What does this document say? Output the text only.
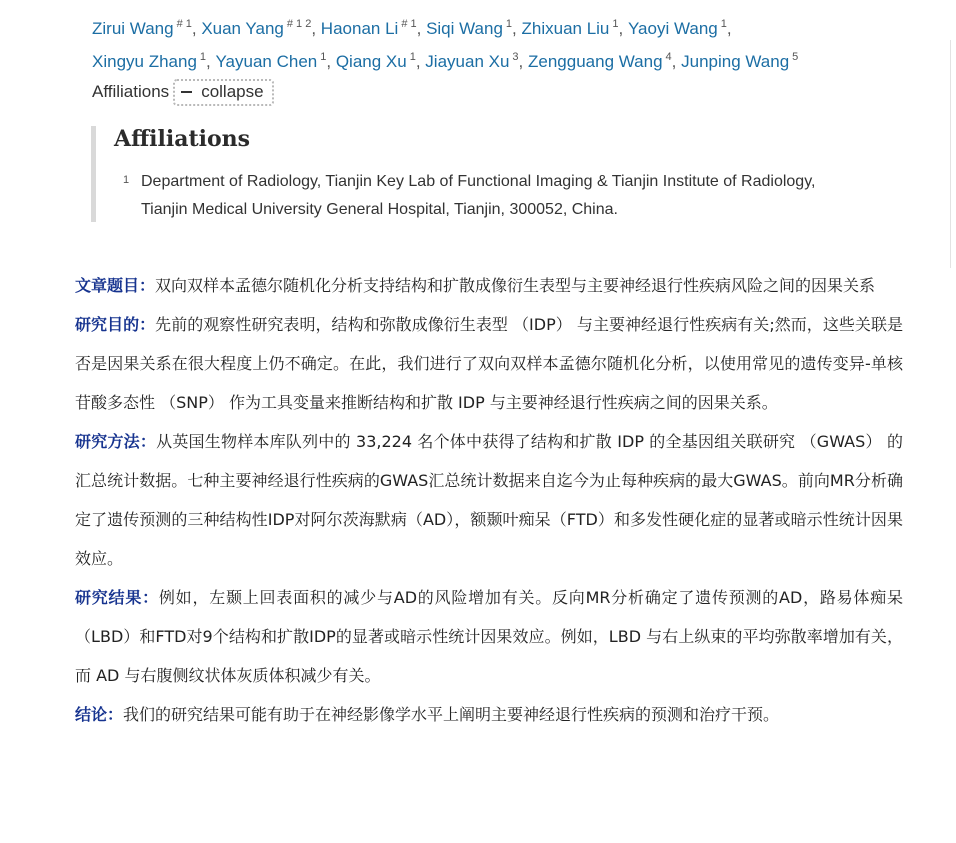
Zirui Wang $^{\# 1}$, Xuan Yang $^{\# 1 2}$, Haonan Li $^{\# 1}$, Siqi Wang $^1$, Zhixuan Liu $^1$, Yaoyi Wang $^1$,
Xingyu Zhang $^1$, Yayuan Chen $^1$, Qiang Xu $^1$, Jiayuan Xu $^3$, Zengguang Wang $^4$, Junping Wang $^5$
Affiliations collapse
Affiliations
1 Department of Radiology, Tianjin Key Lab of Functional Imaging & Tianjin Institute of Radiology, Tianjin Medical University General Hospital, Tianjin, 300052, China.

文章题目：双向双样本孟德尔随机化分析支持结构和扩散成像衍生表型与主要神经退行性疾病风险之间的因果关系

研究目的：先前的观察性研究表明，结构和弥散成像衍生表型 （IDP） 与主要神经退行性疾病有关;然而，这些关联是否是因果关系在很大程度上仍不确定。在此，我们进行了双向双样本孟德尔随机化分析，以使用常见的遗传变异-单核苷酸多态性 （SNP） 作为工具变量来推断结构和扩散 IDP 与主要神经退行性疾病之间的因果关系。

研究方法：从英国生物样本库队列中的 33,224 名个体中获得了结构和扩散 IDP 的全基因组关联研究 （GWAS） 的汇总统计数据。七种主要神经退行性疾病的GWAS汇总统计数据来自迄今为止每种疾病的最大GWAS。前向MR分析确定了遗传预测的三种结构性IDP对阿尔茨海默病（AD），额颞叶痴呆（FTD）和多发性硬化症的显著或暗示性统计因果效应。

研究结果：例如，左颞上回表面积的减少与AD的风险增加有关。反向MR分析确定了遗传预测的AD，路易体痴呆（LBD）和FTD对9个结构和扩散IDP的显著或暗示性统计因果效应。例如，LBD 与右上纵束的平均弥散率增加有关，而 AD 与右腹侧纹状体灰质体积减少有关。

结论：我们的研究结果可能有助于在神经影像学水平上阐明主要神经退行性疾病的预测和治疗干预。
